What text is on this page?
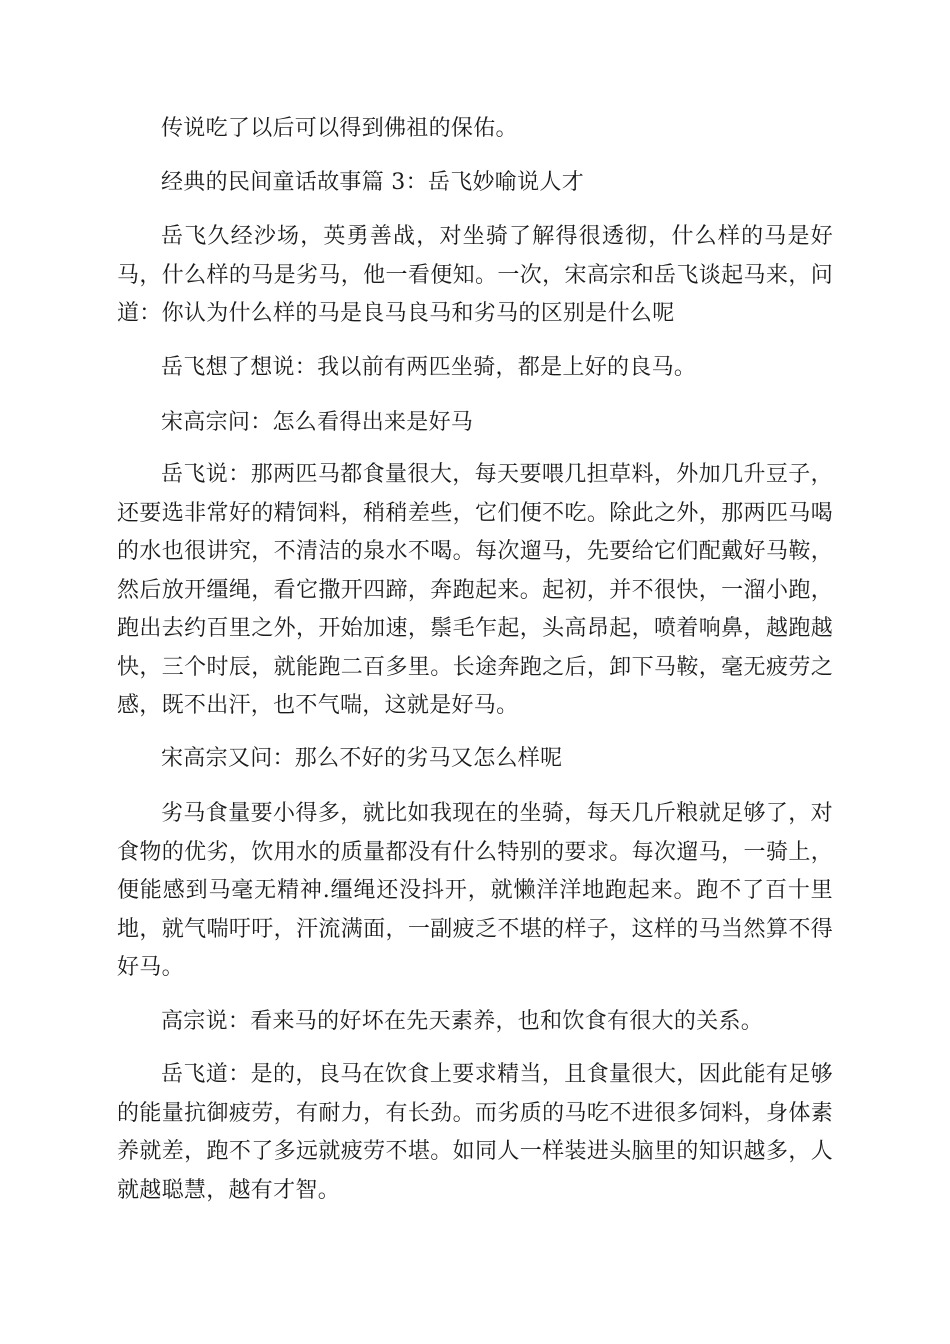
传说吃了以后可以得到佛祖的保佑。

经典的民间童话故事篇 3：岳飞妙喻说人才

岳飞久经沙场，英勇善战，对坐骑了解得很透彻，什么样的马是好马，什么样的马是劣马，他一看便知。一次，宋高宗和岳飞谈起马来，问道：你认为什么样的马是良马良马和劣马的区别是什么呢

岳飞想了想说：我以前有两匹坐骑，都是上好的良马。

宋高宗问：怎么看得出来是好马

岳飞说：那两匹马都食量很大，每天要喂几担草料，外加几升豆子，还要选非常好的精饲料，稍稍差些，它们便不吃。除此之外，那两匹马喝的水也很讲究，不清洁的泉水不喝。每次遛马，先要给它们配戴好马鞍，然后放开缰绳，看它撒开四蹄，奔跑起来。起初，并不很快，一溜小跑，跑出去约百里之外，开始加速，鬃毛乍起，头高昂起，喷着响鼻，越跑越快，三个时辰，就能跑二百多里。长途奔跑之后，卸下马鞍，毫无疲劳之感，既不出汗，也不气喘，这就是好马。

宋高宗又问：那么不好的劣马又怎么样呢

劣马食量要小得多，就比如我现在的坐骑，每天几斤粮就足够了，对食物的优劣，饮用水的质量都没有什么特别的要求。每次遛马，一骑上，便能感到马毫无精神.缰绳还没抖开，就懒洋洋地跑起来。跑不了百十里地，就气喘吁吁，汗流满面，一副疲乏不堪的样子，这样的马当然算不得好马。

高宗说：看来马的好坏在先天素养，也和饮食有很大的关系。

岳飞道：是的，良马在饮食上要求精当，且食量很大，因此能有足够的能量抗御疲劳，有耐力，有长劲。而劣质的马吃不进很多饲料，身体素养就差，跑不了多远就疲劳不堪。如同人一样装进头脑里的知识越多，人就越聪慧，越有才智。
